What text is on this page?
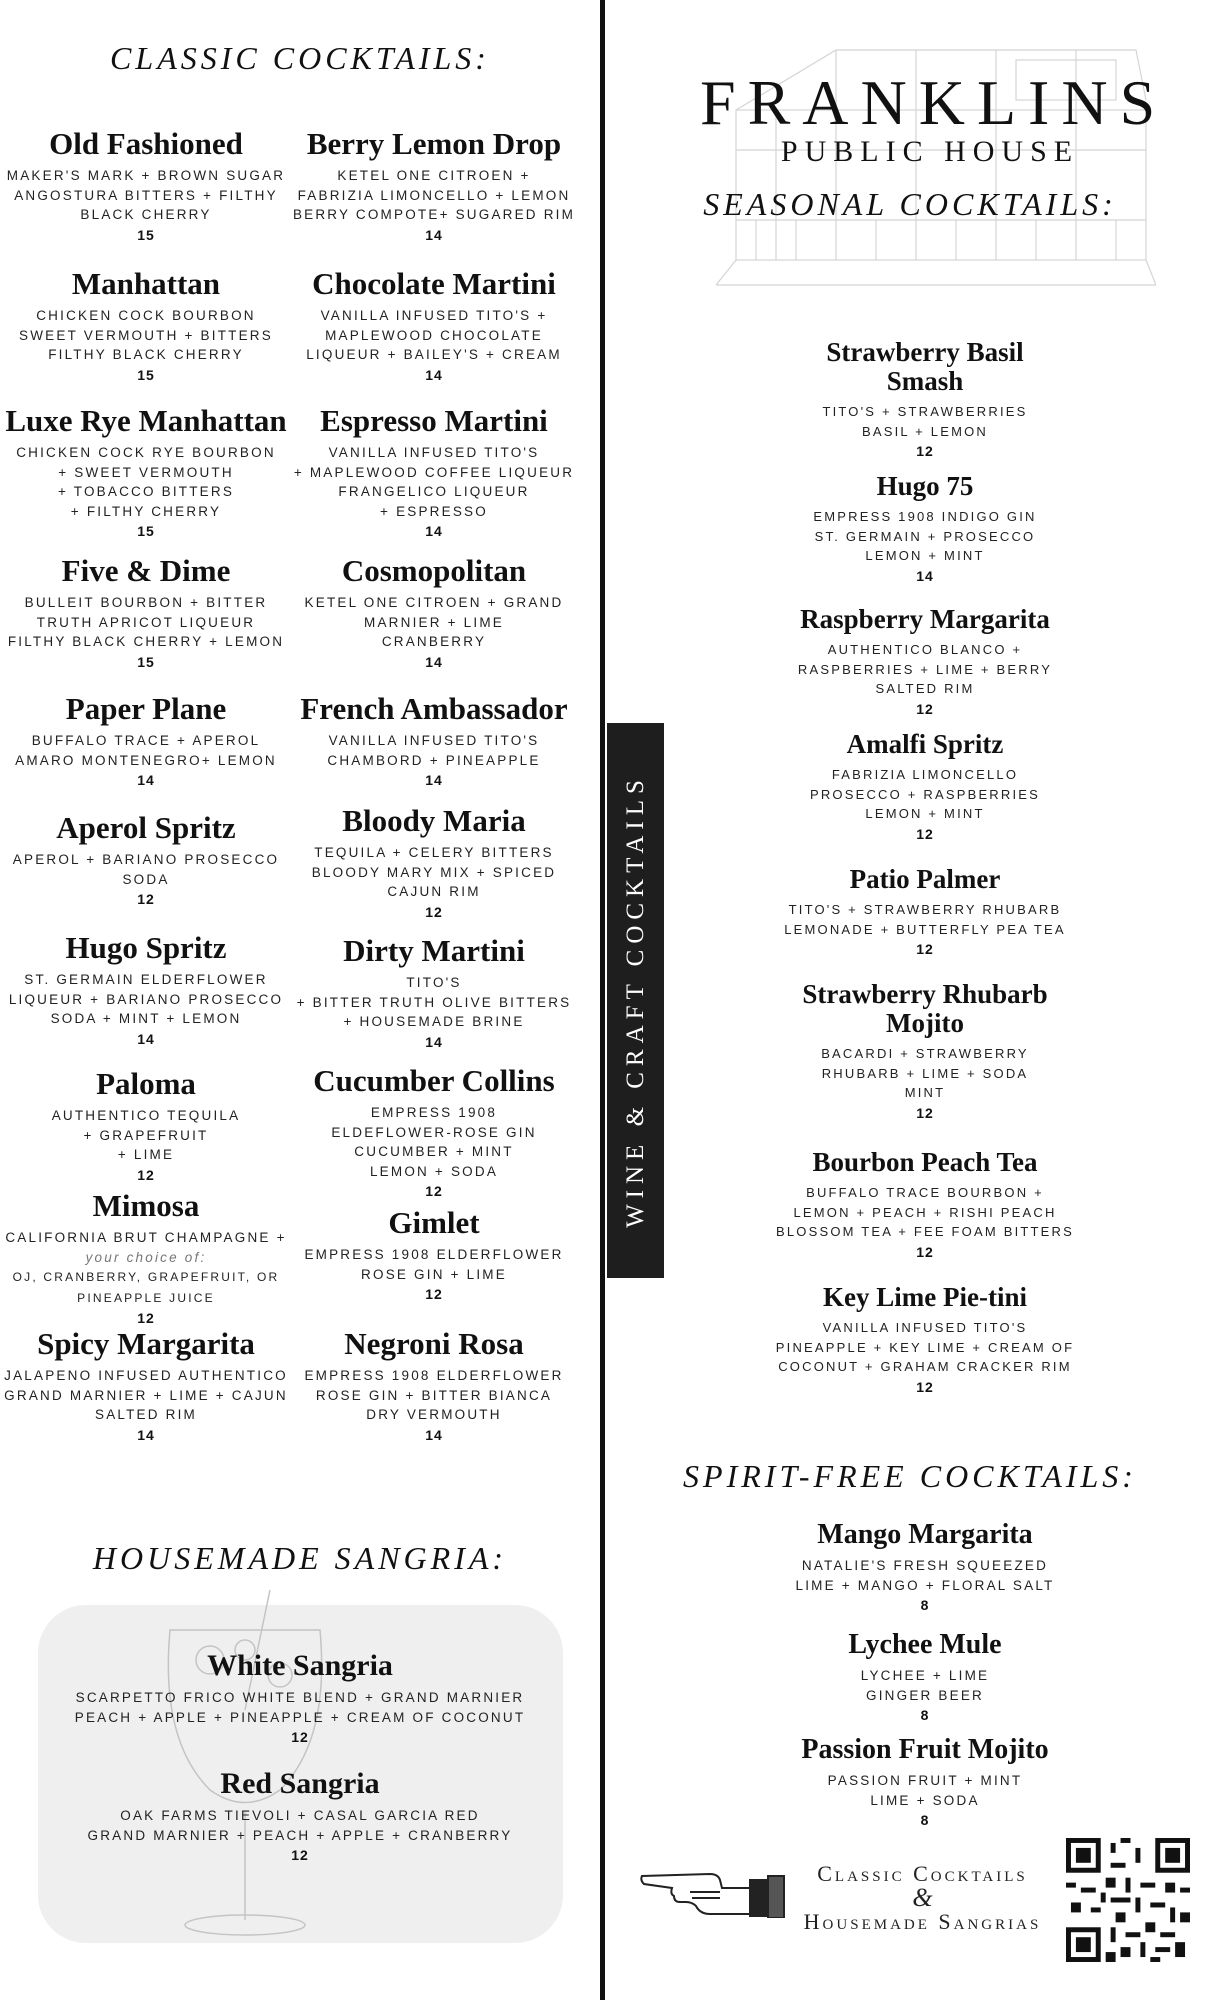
WINE & CRAFT COCKTAILS
CLASSIC COCKTAILS:
Old Fashioned
MAKER'S MARK + BROWN SUGAR
ANGOSTURA BITTERS + FILTHY
BLACK CHERRY
15
Manhattan
CHICKEN COCK BOURBON
SWEET VERMOUTH + BITTERS
FILTHY BLACK CHERRY
15
Luxe Rye Manhattan
CHICKEN COCK RYE BOURBON
+ SWEET VERMOUTH
+ TOBACCO BITTERS
+ FILTHY CHERRY
15
Five & Dime
BULLEIT BOURBON + BITTER
TRUTH APRICOT LIQUEUR
FILTHY BLACK CHERRY + LEMON
15
Paper Plane
BUFFALO TRACE + APEROL
AMARO MONTENEGRO+ LEMON
14
Aperol Spritz
APEROL + BARIANO PROSECCO
SODA
12
Hugo Spritz
ST. GERMAIN ELDERFLOWER
LIQUEUR + BARIANO PROSECCO
SODA + MINT + LEMON
14
Paloma
AUTHENTICO TEQUILA
+ GRAPEFRUIT
+ LIME
12
Mimosa
CALIFORNIA BRUT CHAMPAGNE +

your choice of:
OJ, CRANBERRY, GRAPEFRUIT, OR
PINEAPPLE JUICE
12
Spicy Margarita
JALAPENO INFUSED AUTHENTICO
GRAND MARNIER + LIME + CAJUN
SALTED RIM
14
Berry Lemon Drop
KETEL ONE CITROEN +
FABRIZIA LIMONCELLO + LEMON
BERRY COMPOTE+ SUGARED RIM
14
Chocolate Martini
VANILLA INFUSED TITO'S +
MAPLEWOOD CHOCOLATE
LIQUEUR + BAILEY'S + CREAM
14
Espresso Martini
VANILLA INFUSED TITO'S
+ MAPLEWOOD COFFEE LIQUEUR
FRANGELICO LIQUEUR
+ ESPRESSO
14
Cosmopolitan
KETEL ONE CITROEN + GRAND
MARNIER + LIME
CRANBERRY
14
French Ambassador
VANILLA INFUSED TITO'S
CHAMBORD + PINEAPPLE
14
Bloody Maria
TEQUILA + CELERY BITTERS
BLOODY MARY MIX + SPICED
CAJUN RIM
12
Dirty Martini
TITO'S
+ BITTER TRUTH OLIVE BITTERS
+ HOUSEMADE BRINE
14
Cucumber Collins
EMPRESS 1908
ELDEFLOWER-ROSE GIN
CUCUMBER + MINT
LEMON + SODA
12
Gimlet
EMPRESS 1908 ELDERFLOWER
ROSE GIN + LIME
12
Negroni Rosa
EMPRESS 1908 ELDERFLOWER
ROSE GIN + BITTER BIANCA
DRY VERMOUTH
14
HOUSEMADE SANGRIA:
White Sangria
SCARPETTO FRICO WHITE BLEND + GRAND MARNIER
PEACH + APPLE + PINEAPPLE + CREAM OF COCONUT
12
Red Sangria
OAK FARMS TIEVOLI + CASAL GARCIA RED
GRAND MARNIER + PEACH + APPLE + CRANBERRY
12
FRANKLINS
PUBLIC HOUSE
SEASONAL COCKTAILS:
Strawberry Basil
Smash
TITO'S + STRAWBERRIES
BASIL + LEMON
12
Hugo 75
EMPRESS 1908 INDIGO GIN
ST. GERMAIN + PROSECCO
LEMON + MINT
14
Raspberry Margarita
AUTHENTICO BLANCO +
RASPBERRIES + LIME + BERRY
SALTED RIM
12
Amalfi Spritz
FABRIZIA LIMONCELLO
PROSECCO + RASPBERRIES
LEMON + MINT
12
Patio Palmer
TITO'S + STRAWBERRY RHUBARB
LEMONADE + BUTTERFLY PEA TEA
12
Strawberry Rhubarb
Mojito
BACARDI + STRAWBERRY
RHUBARB + LIME + SODA
MINT
12
Bourbon Peach Tea
BUFFALO TRACE BOURBON +
LEMON + PEACH + RISHI PEACH
BLOSSOM TEA + FEE FOAM BITTERS
12
Key Lime Pie-tini
VANILLA INFUSED TITO'S
PINEAPPLE + KEY LIME + CREAM OF
COCONUT + GRAHAM CRACKER RIM
12
SPIRIT-FREE COCKTAILS:
Mango Margarita
NATALIE'S FRESH SQUEEZED
LIME + MANGO + FLORAL SALT
8
Lychee Mule
LYCHEE + LIME
GINGER BEER
8
Passion Fruit Mojito
PASSION FRUIT + MINT
LIME + SODA
8
Classic Cocktails
&
Housemade Sangrias
